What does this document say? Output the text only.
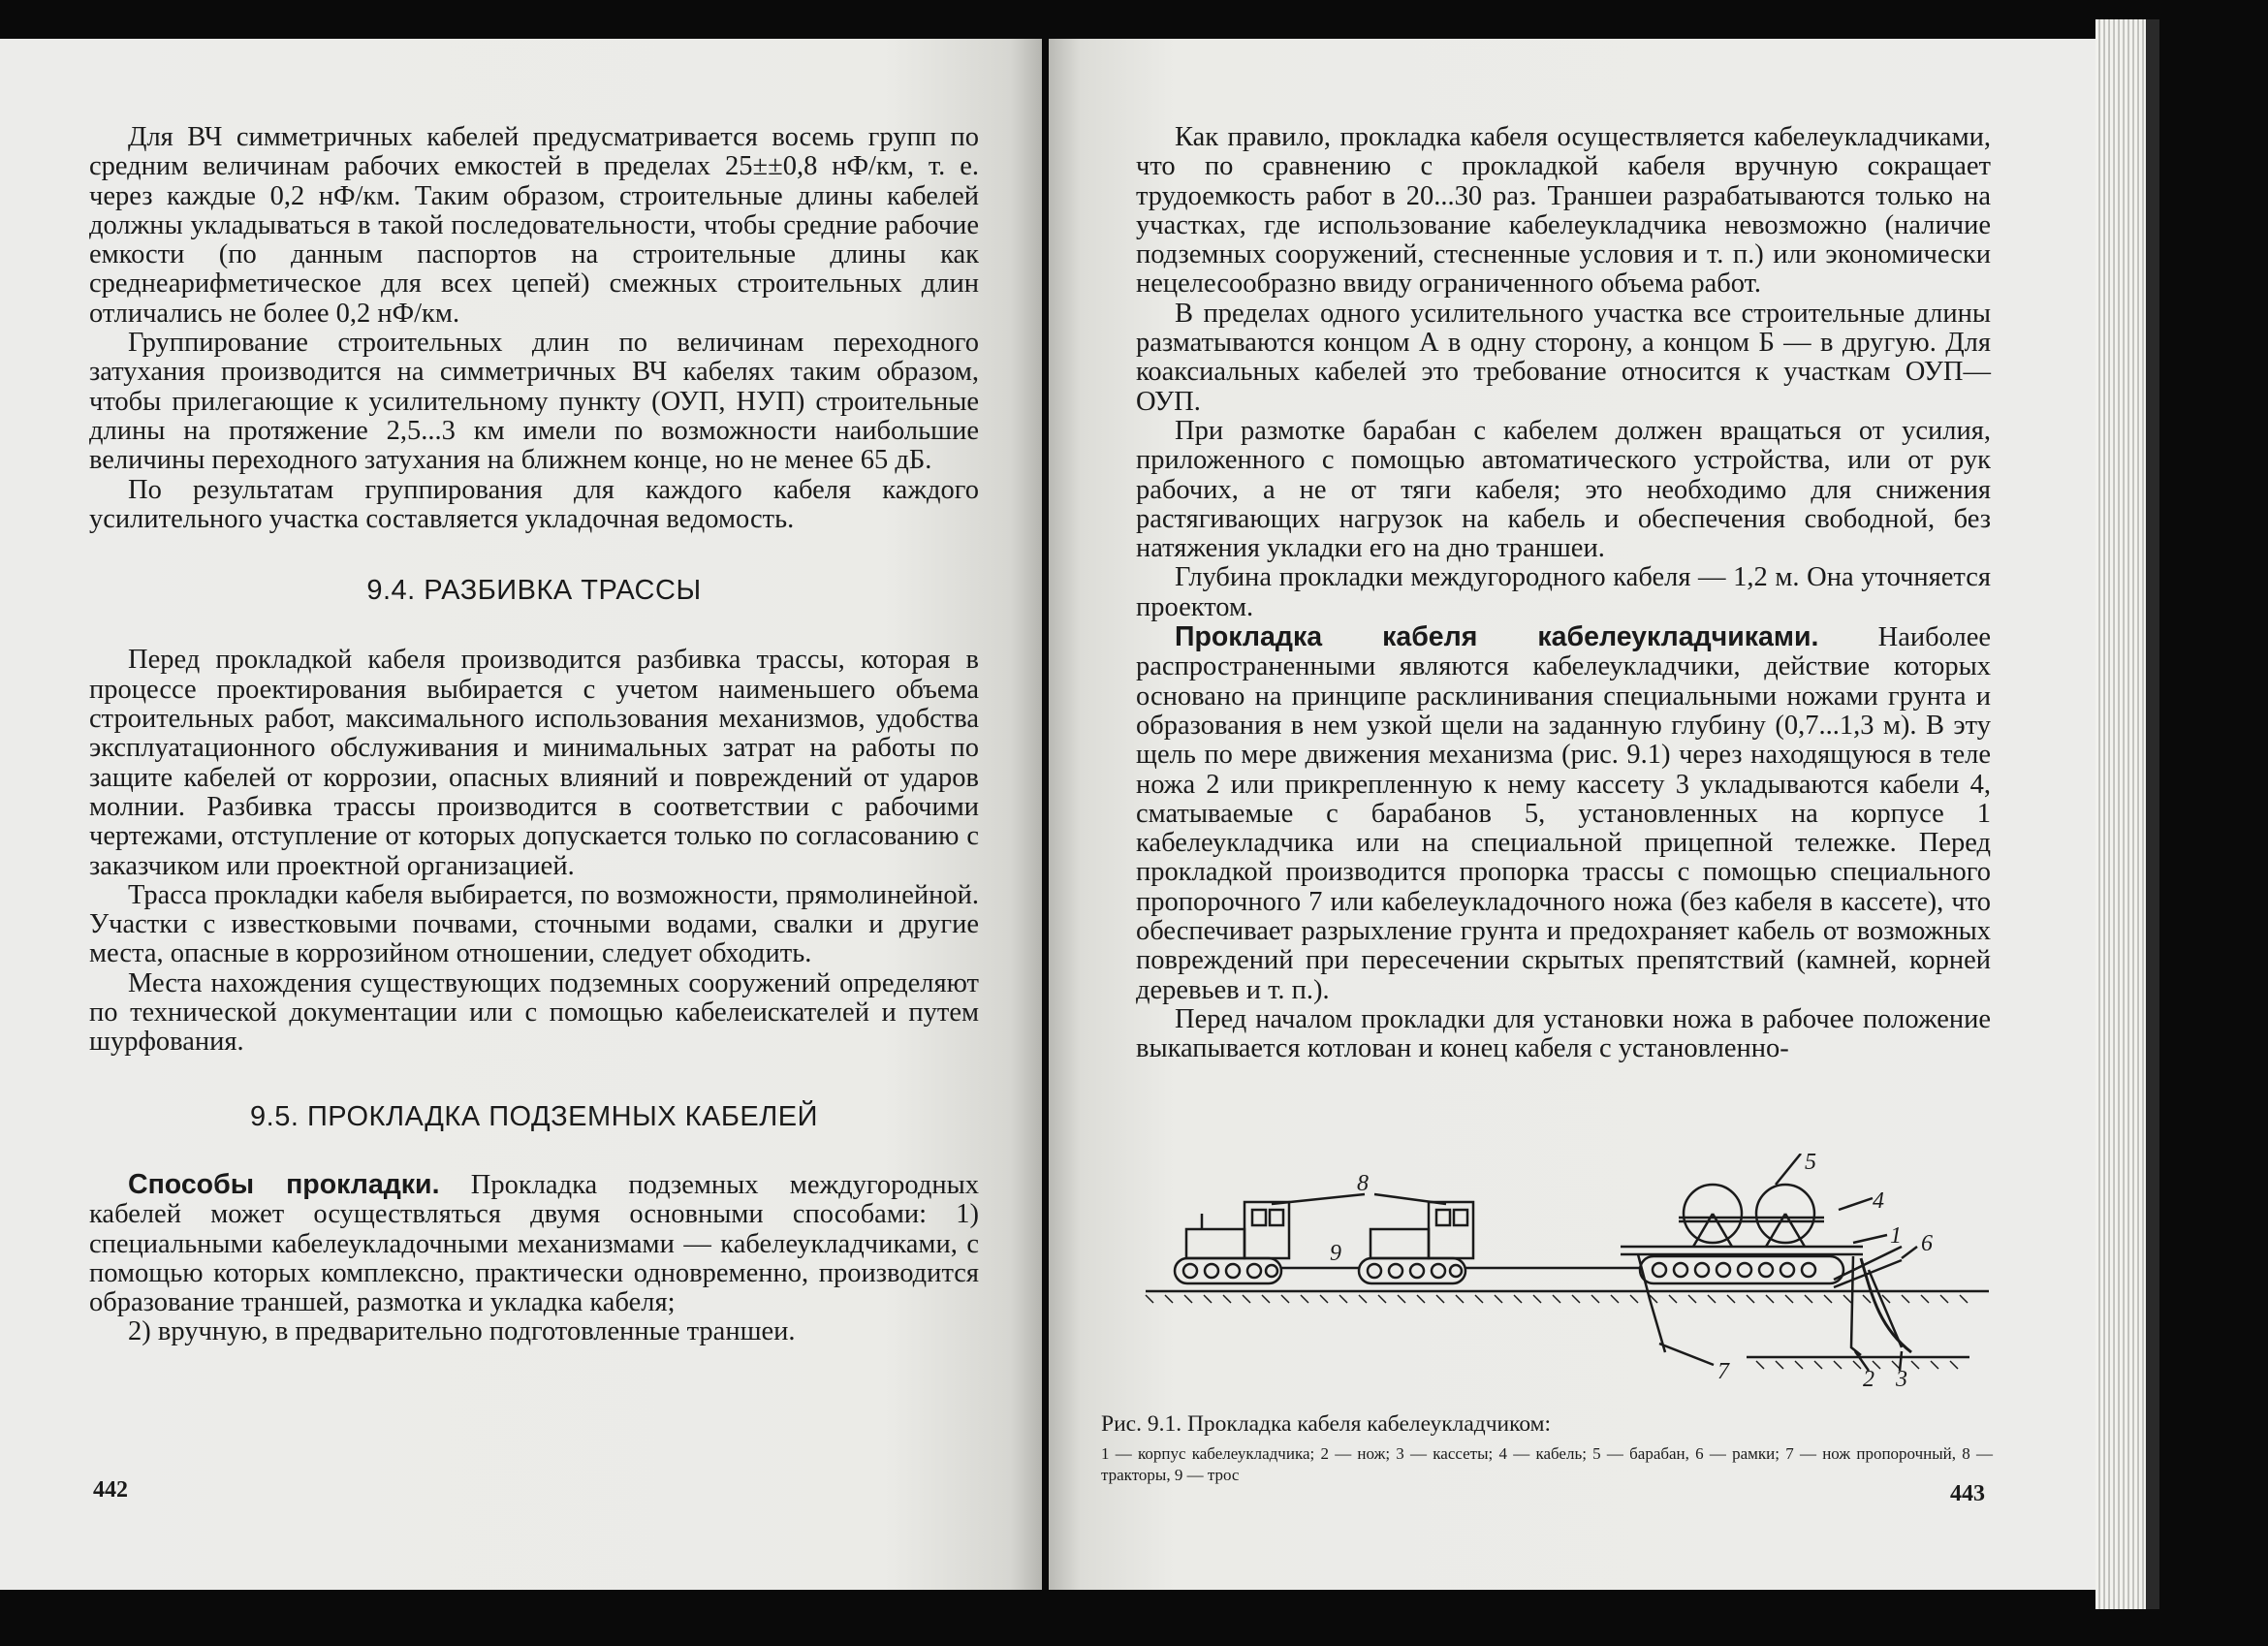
Для ВЧ симметричных кабелей предусматривается восемь групп по средним величинам рабочих емкостей в пределах 25±±0,8 нФ/км, т. е. через каждые 0,2 нФ/км. Таким образом, строительные длины кабелей должны укладываться в такой последовательности, чтобы средние рабочие емкости (по данным паспортов на строительные длины как среднеарифметическое для всех цепей) смежных строительных длин отличались не более 0,2 нФ/км.

Группирование строительных длин по величинам переходного затухания производится на симметричных ВЧ кабелях таким образом, чтобы прилегающие к усилительному пункту (ОУП, НУП) строительные длины на протяжение 2,5...3 км имели по возможности наибольшие величины переходного затухания на ближнем конце, но не менее 65 дБ.

По результатам группирования для каждого кабеля каждого усилительного участка составляется укладочная ведомость.

9.4. РАЗБИВКА ТРАССЫ

Перед прокладкой кабеля производится разбивка трассы, которая в процессе проектирования выбирается с учетом наименьшего объема строительных работ, максимального использования механизмов, удобства эксплуатационного обслуживания и минимальных затрат на работы по защите кабелей от коррозии, опасных влияний и повреждений от ударов молнии. Разбивка трассы производится в соответствии с рабочими чертежами, отступление от которых допускается только по согласованию с заказчиком или проектной организацией.

Трасса прокладки кабеля выбирается, по возможности, прямолинейной. Участки с известковыми почвами, сточными водами, свалки и другие места, опасные в коррозийном отношении, следует обходить.

Места нахождения существующих подземных сооружений определяют по технической документации или с помощью кабелеискателей и путем шурфования.

9.5. ПРОКЛАДКА ПОДЗЕМНЫХ КАБЕЛЕЙ

Способы прокладки. Прокладка подземных междугородных кабелей может осуществляться двумя основными способами: 1) специальными кабелеукладочными механизмами — кабелеукладчиками, с помощью которых комплексно, практически одновременно, производится образование траншей, размотка и укладка кабеля;

2) вручную, в предварительно подготовленные траншеи.

442

Как правило, прокладка кабеля осуществляется кабелеукладчиками, что по сравнению с прокладкой кабеля вручную сокращает трудоемкость работ в 20...30 раз. Траншеи разрабатываются только на участках, где использование кабелеукладчика невозможно (наличие подземных сооружений, стесненные условия и т. п.) или экономически нецелесообразно ввиду ограниченного объема работ.

В пределах одного усилительного участка все строительные длины разматываются концом А в одну сторону, а концом Б — в другую. Для коаксиальных кабелей это требование относится к участкам ОУП—ОУП.

При размотке барабан с кабелем должен вращаться от усилия, приложенного с помощью автоматического устройства, или от рук рабочих, а не от тяги кабеля; это необходимо для снижения растягивающих нагрузок на кабель и обеспечения свободной, без натяжения укладки его на дно траншеи.

Глубина прокладки междугородного кабеля — 1,2 м. Она уточняется проектом.

Прокладка кабеля кабелеукладчиками. Наиболее распространенными являются кабелеукладчики, действие которых основано на принципе расклинивания специальными ножами грунта и образования в нем узкой щели на заданную глубину (0,7...1,3 м). В эту щель по мере движения механизма (рис. 9.1) через находящуюся в теле ножа 2 или прикрепленную к нему кассету 3 укладываются кабели 4, сматываемые с барабанов 5, установленных на корпусе 1 кабелеукладчика или на специальной прицепной тележке. Перед прокладкой производится пропорка трассы с помощью специального пропорочного 7 или кабелеукладочного ножа (без кабеля в кассете), что обеспечивает разрыхление грунта и предохраняет кабель от возможных повреждений при пересечении скрытых препятствий (камней, корней деревьев и т. п.).

Перед началом прокладки для установки ножа в рабочее положение выкапывается котлован и конец кабеля с установленно-

8
9
5
4
1 6
7	2 3

Рис. 9.1. Прокладка кабеля кабелеукладчиком:

1 — корпус кабелеукладчика; 2 — нож; 3 — кассеты; 4 — кабель; 5 — барабан, 6 — рамки; 7 — нож пропорочный, 8 — тракторы, 9 — трос

443
